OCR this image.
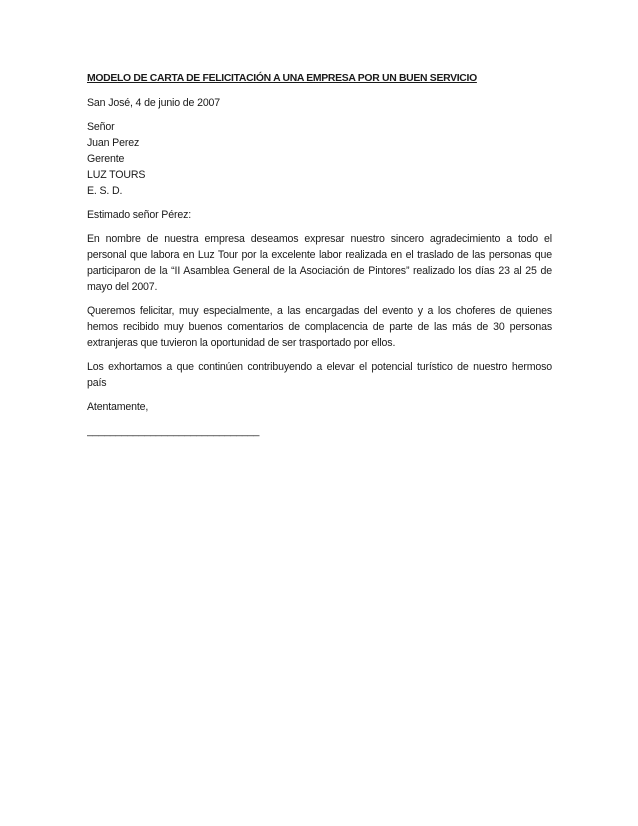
MODELO DE CARTA DE FELICITACIÓN A UNA EMPRESA POR UN BUEN SERVICIO

San José, 4 de junio de 2007

Señor

Juan Perez

Gerente

LUZ TOURS

E. S. D.

Estimado señor Pérez:

En nombre de nuestra empresa deseamos expresar nuestro sincero agradecimiento a todo el personal que labora en Luz Tour por la excelente labor realizada en el traslado de las personas que participaron de la “II Asamblea General de la Asociación de Pintores” realizado los días 23 al 25 de mayo del 2007.

Queremos felicitar, muy especialmente, a las encargadas del evento y a los choferes de quienes hemos recibido muy buenos comentarios de complacencia de parte de las más de 30 personas extranjeras que tuvieron la oportunidad de ser trasportado por ellos.

Los exhortamos a que continúen contribuyendo a elevar el potencial turístico de nuestro hermoso país

Atentamente,

______________________________
